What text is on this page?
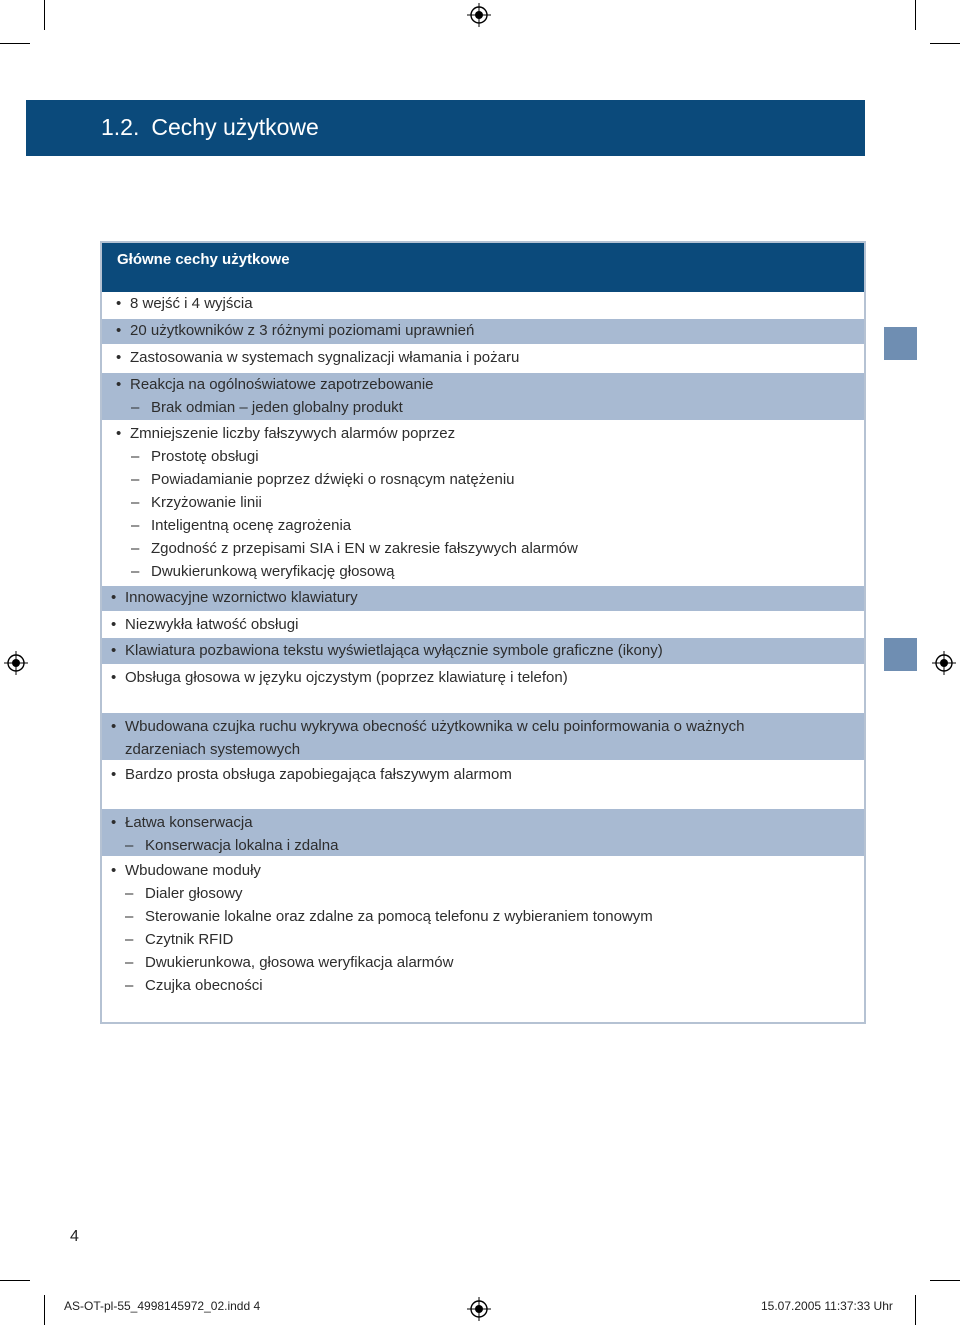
1.2. Cechy użytkowe
Główne cechy użytkowe
• 8 wejść i 4 wyjścia
• 20 użytkowników z 3 różnymi poziomami uprawnień
• Zastosowania w systemach sygnalizacji włamania i pożaru
• Reakcja na ogólnoświatowe zapotrzebowanie
– Brak odmian – jeden globalny produkt
• Zmniejszenie liczby fałszywych alarmów poprzez
– Prostotę obsługi
– Powiadamianie poprzez dźwięki o rosnącym natężeniu
– Krzyżowanie linii
– Inteligentną ocenę zagrożenia
– Zgodność z przepisami SIA i EN w zakresie fałszywych alarmów
– Dwukierunkową weryfikację głosową
• Innowacyjne wzornictwo klawiatury
• Niezwykła łatwość obsługi
• Klawiatura pozbawiona tekstu wyświetlająca wyłącznie symbole graficzne (ikony)
• Obsługa głosowa w języku ojczystym (poprzez klawiaturę i telefon)
• Wbudowana czujka ruchu wykrywa obecność użytkownika w celu poinformowania o ważnych
zdarzeniach systemowych
• Bardzo prosta obsługa zapobiegająca fałszywym alarmom
• Łatwa konserwacja
– Konserwacja lokalna i zdalna
• Wbudowane moduły
– Dialer głosowy
– Sterowanie lokalne oraz zdalne za pomocą telefonu z wybieraniem tonowym
– Czytnik RFID
– Dwukierunkowa, głosowa weryfikacja alarmów
– Czujka obecności
4
AS-OT-pl-55_4998145972_02.indd 4	15.07.2005 11:37:33 Uhr
